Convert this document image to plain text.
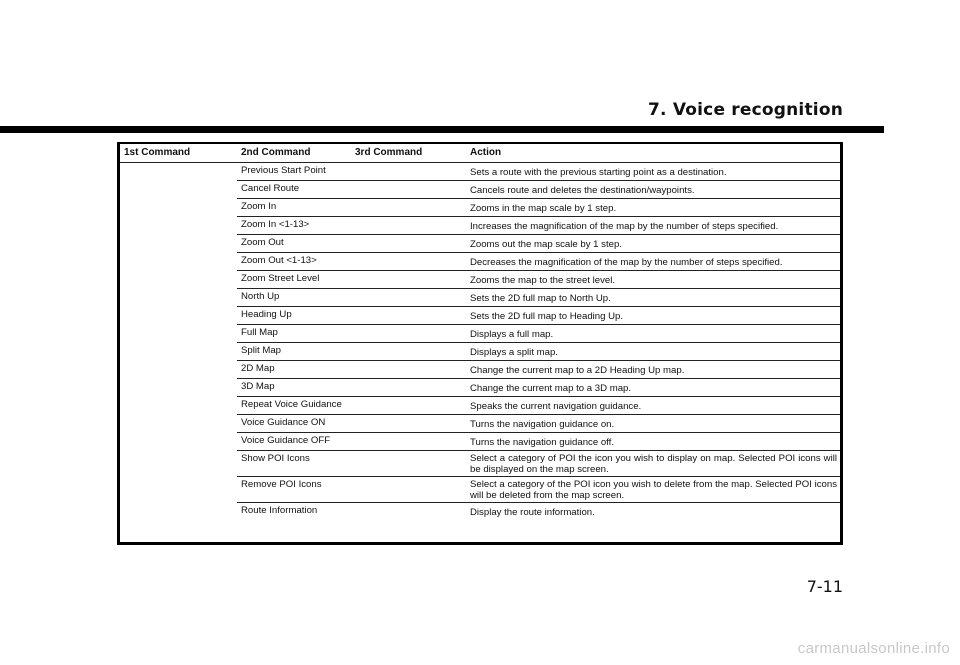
7. Voice recognition
1st Command	2nd Command	3rd Command	Action
	Previous Start Point		Sets a route with the previous starting point as a destination.
	Cancel Route		Cancels route and deletes the destination/waypoints.
	Zoom In		Zooms in the map scale by 1 step.
	Zoom In <1-13>		Increases the magnification of the map by the number of steps specified.
	Zoom Out		Zooms out the map scale by 1 step.
	Zoom Out <1-13>		Decreases the magnification of the map by the number of steps specified.
	Zoom Street Level		Zooms the map to the street level.
	North Up		Sets the 2D full map to North Up.
	Heading Up		Sets the 2D full map to Heading Up.
	Full Map		Displays a full map.
	Split Map		Displays a split map.
	2D Map		Change the current map to a 2D Heading Up map.
	3D Map		Change the current map to a 3D map.
	Repeat Voice Guidance		Speaks the current navigation guidance.
	Voice Guidance ON		Turns the navigation guidance on.
	Voice Guidance OFF		Turns the navigation guidance off.
	Show POI Icons		Select a category of POI the icon you wish to display on map. Selected POI icons will be displayed on the map screen.
	Remove POI Icons		Select a category of the POI icon you wish to delete from the map. Selected POI icons will be deleted from the map screen.
	Route Information		Display the route information.
7-11
carmanualsonline.info
